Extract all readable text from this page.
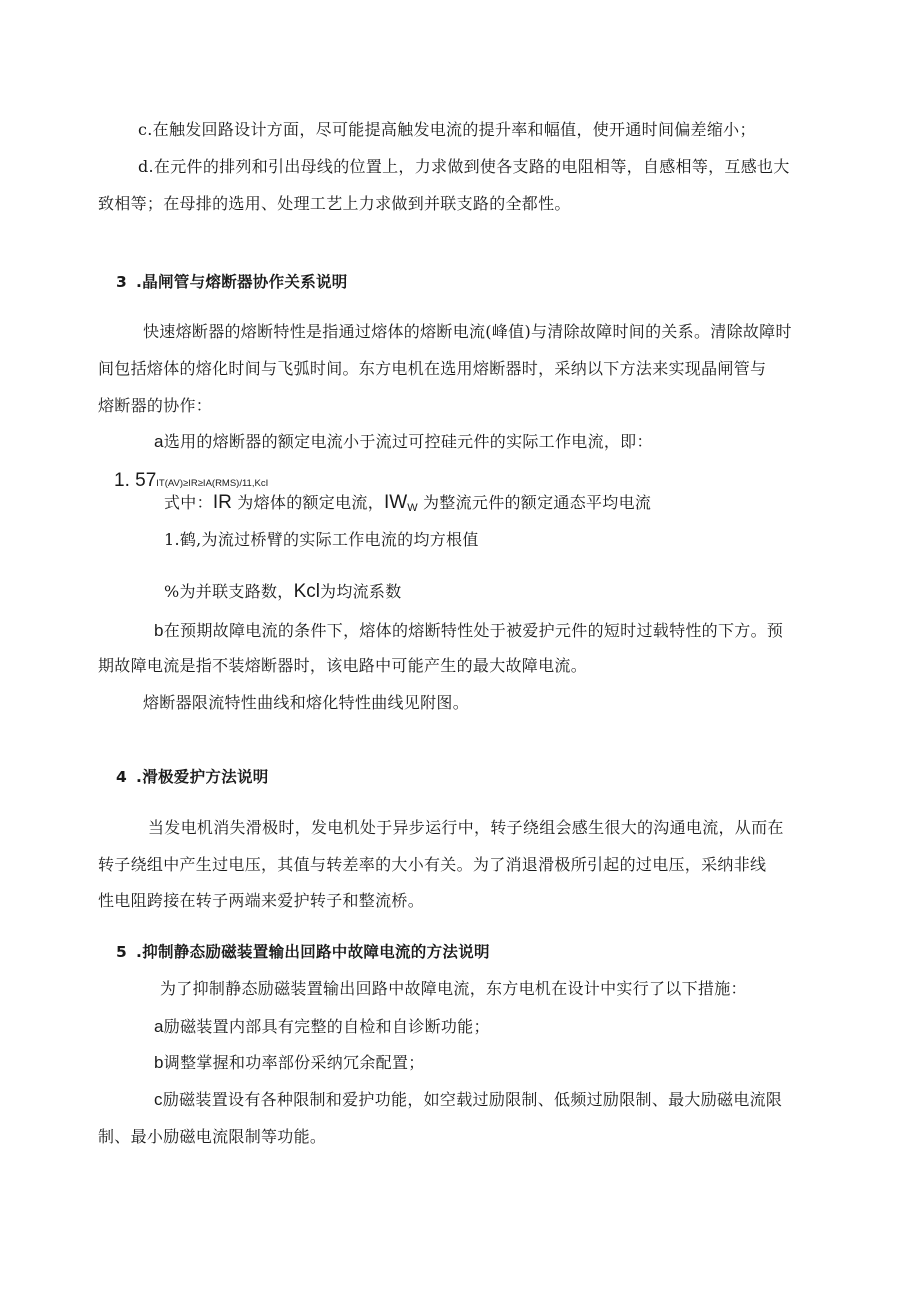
c.在触发回路设计方面，尽可能提高触发电流的提升率和幅值，使开通时间偏差缩小；
d.在元件的排列和引出母线的位置上，力求做到使各支路的电阻相等，自感相等，互感也大
致相等；在母排的选用、处理工艺上力求做到并联支路的全都性。
3 .晶闸管与熔断器协作关系说明
快速熔断器的熔断特性是指通过熔体的熔断电流(峰值)与清除故障时间的关系。清除故障时
间包括熔体的熔化时间与飞弧时间。东方电机在选用熔断器时，采纳以下方法来实现晶闸管与
熔断器的协作：
a选用的熔断器的额定电流小于流过可控硅元件的实际工作电流，即：
1. 57IT(AV)≥IR≥IA(RMS)/11,KcI
式中：IR 为熔体的额定电流，$IW_W$ 为整流元件的额定通态平均电流
1.鹤,为流过桥臂的实际工作电流的均方根值
%为并联支路数，Kcl为均流系数
b在预期故障电流的条件下，熔体的熔断特性处于被爱护元件的短时过载特性的下方。预
期故障电流是指不装熔断器时，该电路中可能产生的最大故障电流。
熔断器限流特性曲线和熔化特性曲线见附图。
4 .滑极爱护方法说明
当发电机消失滑极时，发电机处于异步运行中，转子绕组会感生很大的沟通电流，从而在
转子绕组中产生过电压，其值与转差率的大小有关。为了消退滑极所引起的过电压，采纳非线
性电阻跨接在转子两端来爱护转子和整流桥。
5 .抑制静态励磁装置输出回路中故障电流的方法说明
为了抑制静态励磁装置输出回路中故障电流，东方电机在设计中实行了以下措施：
a励磁装置内部具有完整的自检和自诊断功能；
b调整掌握和功率部份采纳冗余配置；
c励磁装置设有各种限制和爱护功能，如空载过励限制、低频过励限制、最大励磁电流限
制、最小励磁电流限制等功能。
